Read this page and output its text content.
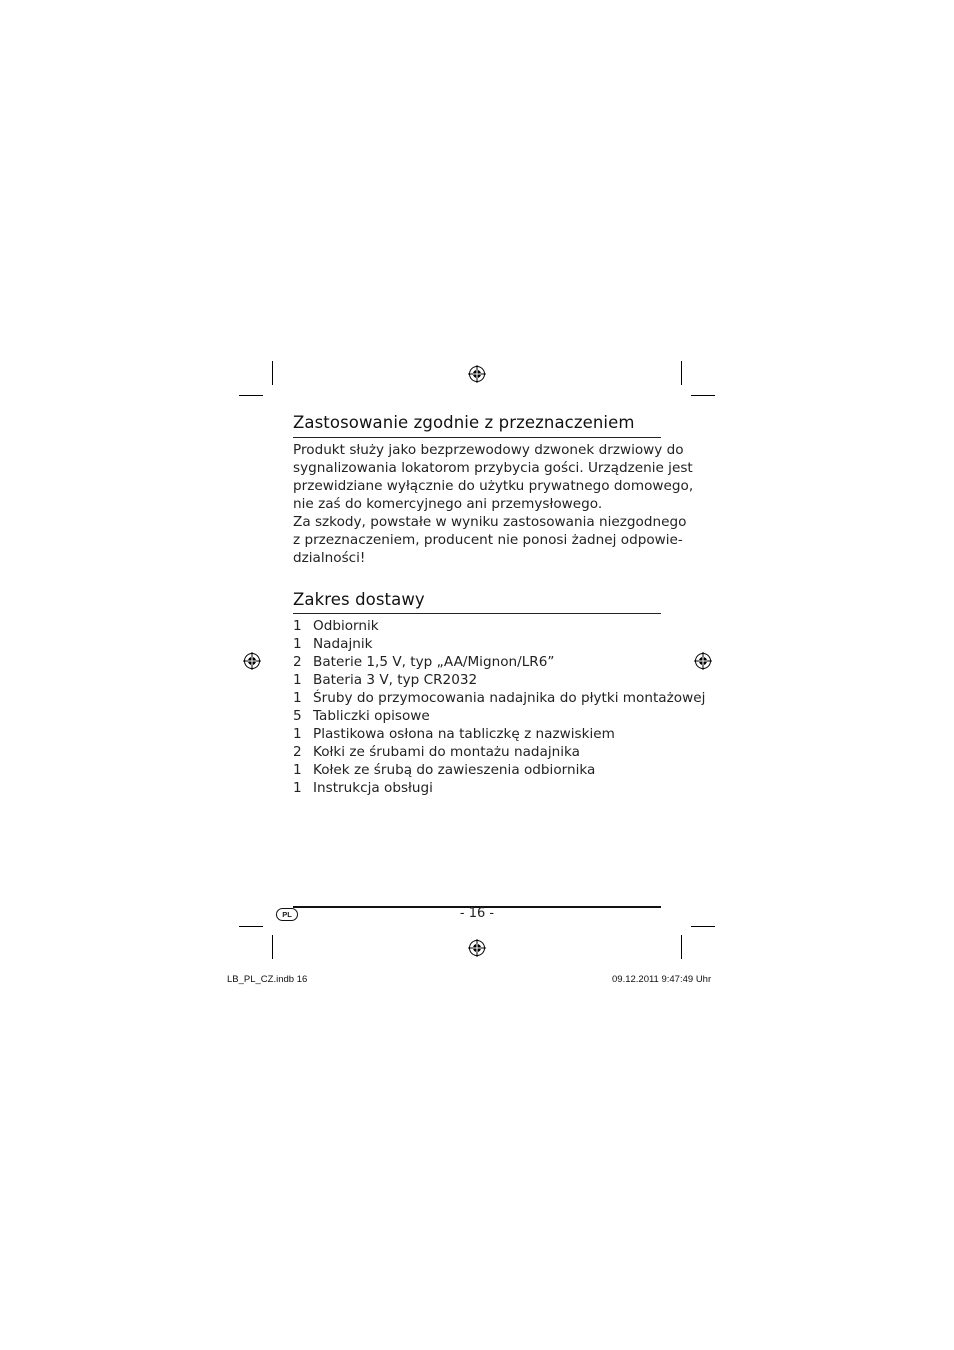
Zastosowanie zgodnie z przeznaczeniem
Produkt służy jako bezprzewodowy dzwonek drzwiowy do
sygnalizowania lokatorom przybycia gości. Urządzenie jest
przewidziane wyłącznie do użytku prywatnego domowego,
nie zaś do komercyjnego ani przemysłowego.
Za szkody, powstałe w wyniku zastosowania niezgodnego
z przeznaczeniem, producent nie ponosi żadnej odpowie-
dzialności!
Zakres dostawy
1 Odbiornik
1 Nadajnik
2 Baterie 1,5 V, typ „AA/Mignon/LR6”
1 Bateria 3 V, typ CR2032
1 Śruby do przymocowania nadajnika do płytki montażowej
5 Tabliczki opisowe
1 Plastikowa osłona na tabliczkę z nazwiskiem
2 Kołki ze śrubami do montażu nadajnika
1 Kołek ze śrubą do zawieszenia odbiornika
1 Instrukcja obsługi
PL	- 16 -
LB_PL_CZ.indb 16	09.12.2011 9:47:49 Uhr
